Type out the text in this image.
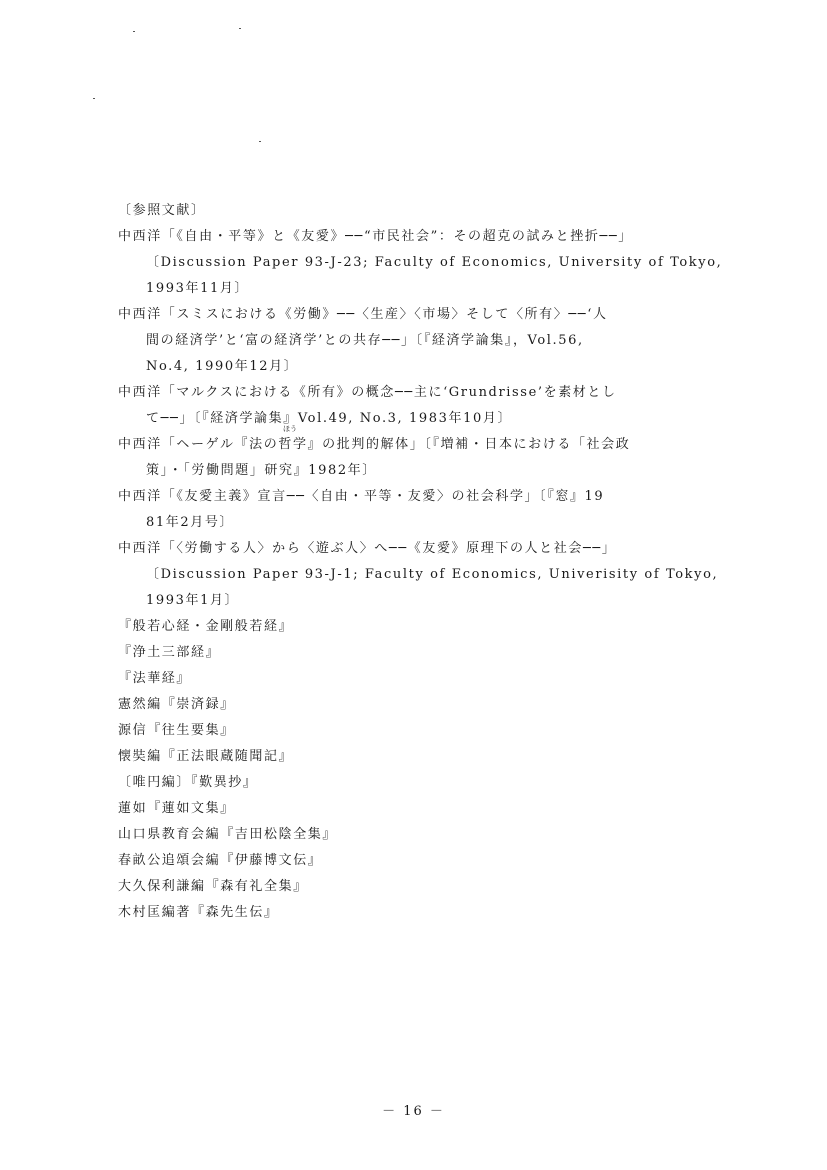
〔参照文献〕
中西洋「《自由・平等》と《友愛》──“市民社会”：その超克の試みと挫折──」
〔Discussion Paper 93-J-23; Faculty of Economics, University of Tokyo,
1993年11月〕
中西洋「スミスにおける《労働》──〈生産〉〈市場〉そして〈所有〉──‘人
間の経済学’と‘富の経済学’との共存──」〔『経済学論集』，Vol.56,
No.4, 1990年12月〕
中西洋「マルクスにおける《所有》の概念──主に‘Grundrisse’を素材とし
て──」〔『経済学論集』Vol.49, No.3, 1983年10月〕
ほう
中西洋「ヘーゲル『法の哲学』の批判的解体」〔『増補・日本における「社会政
策」・「労働問題」研究』1982年〕
中西洋「《友愛主義》宣言──〈自由・平等・友愛〉の社会科学」〔『窓』19
81年2月号〕
中西洋「〈労働する人〉から〈遊ぶ人〉へ──《友愛》原理下の人と社会──」
〔Discussion Paper 93-J-1; Faculty of Economics, Univerisity of Tokyo,
1993年1月〕
『般若心経・金剛般若経』
『浄土三部経』
『法華経』
憲然編『崇済録』
源信『往生要集』
懐奘編『正法眼蔵随聞記』
〔唯円編〕『歎異抄』
蓮如『蓮如文集』
山口県教育会編『吉田松陰全集』
春畝公追頌会編『伊藤博文伝』
大久保利謙編『森有礼全集』
木村匡編著『森先生伝』
－ 16 －
